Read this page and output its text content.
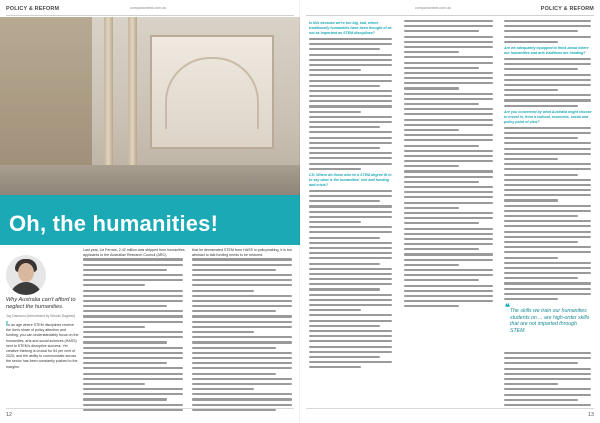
POLICY & REFORM	companiontext.com.au
Oh, the humanities!
Why Australia can't afford to neglect the humanities.
Joy Damousi (interviewed by Woods Dagless)
In an age where STEM disciplines receive the lion's share of policy attention and funding, you can understandably focus on the humanities, arts and social sciences (HASS) next to STEM's disruptive success. Yet creative thinking is crucial for 54 per cent of 2025, and the ability to communicate across the sector has been constantly pushed to the margins.
Last year, Liz Ferrars, 2.42 million was stripped from humanities applicants to the Australian Research Council (ARC).
that he demarcated STEM from HASS in policymaking, it is too abstract to talk funding needs to be restored.
12
companiontext.com.au	POLICY & REFORM
Is this because we're too big, sad, where traditionally humanities have been thought of as not as important as STEM disciplines?
CS: Where do those who've a STEM degree fit in to say what is the humanities' role and funding and crisis?
Are we adequately equipped to think about where our humanities and arts traditions are heading?
Are you concerned by what Australia might choose to invest in, from a cultural, economic, social and policy point of view?
❝ The skills we train our humanities students on ... are high-order skills that are not imparted through STEM.
13
